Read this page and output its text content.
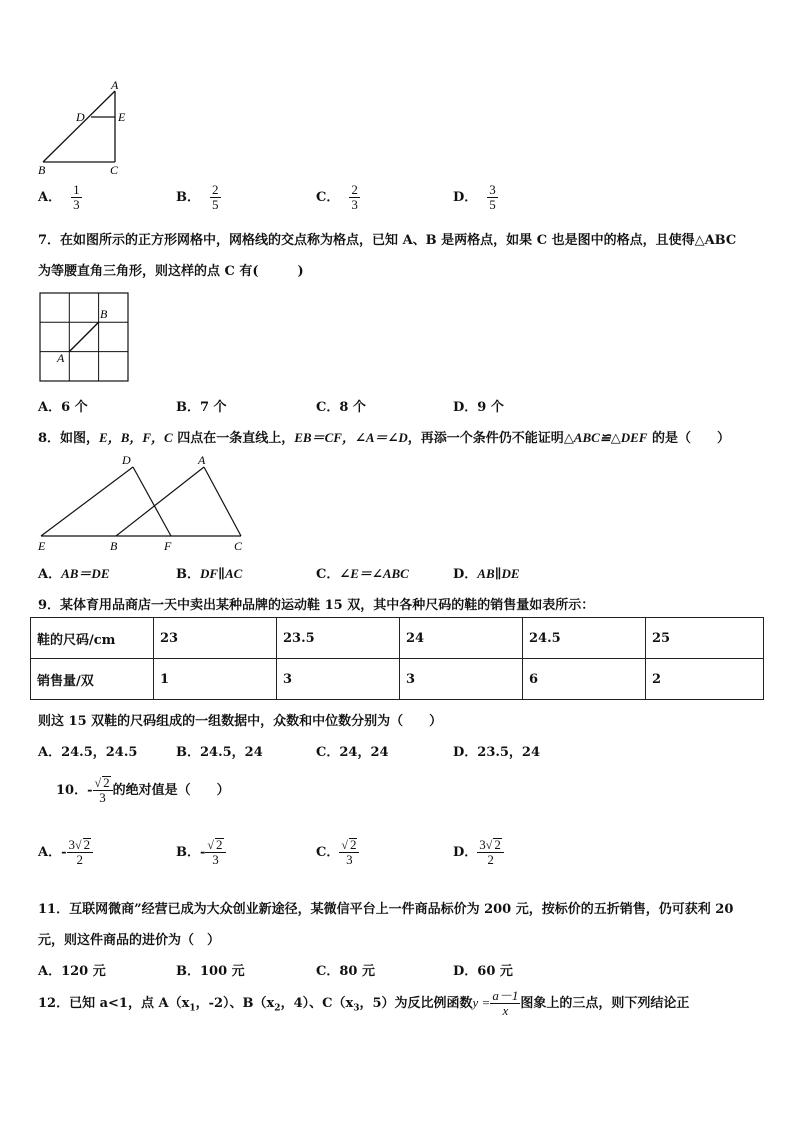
A
D	E
B	C
A． $\frac{1}{3}$	B． $\frac{2}{5}$	C． $\frac{2}{3}$	D． $\frac{3}{5}$
7．在如图所示的正方形网格中，网格线的交点称为格点，已知 A、B 是两格点，如果 C 也是图中的格点，且使得△ABC
为等腰直角三角形，则这样的点 C 有(　　　)
A
B
A．6 个	B．7 个	C．8 个	D．9 个
8．如图，E，B，F，C 四点在一条直线上，EB＝CF，∠A＝∠D，再添一个条件仍不能证明△ABC≌△DEF 的是（　　）
D	A
E	B	F	C
A．AB＝DE	B．DF∥AC	C．∠E＝∠ABC	D．AB∥DE
9．某体育用品商店一天中卖出某种品牌的运动鞋 15 双，其中各种尺码的鞋的销售量如表所示：
鞋的尺码/cm	23	23.5	24	24.5	25
销售量/双	1	3	3	6	2
则这 15 双鞋的尺码组成的一组数据中，众数和中位数分别为（　　）
A．24.5，24.5	B．24.5，24	C．24，24	D．23.5，24
10．- $\frac{√ 2}{3}$ 的绝对值是（　　）
A．- $\frac{3√ 2}{2}$	B．- $\frac{√ 2}{3}$	C． $\frac{√ 2}{3}$	D． $\frac{3√ 2}{2}$
11．互联网微商”经营已成为大众创业新途径，某微信平台上一件商品标价为 200 元，按标价的五折销售，仍可获利 20
元，则这件商品的进价为（　）
A．120 元	B．100 元	C．80 元	D．60 元
12．已知 a<1，点 $A(x_1$，-2）、$B(x_2$，4）、$C(x_3$，5）为反比例函数$y = \frac{a-1}{x}$ 图象上的三点，则下列结论正
